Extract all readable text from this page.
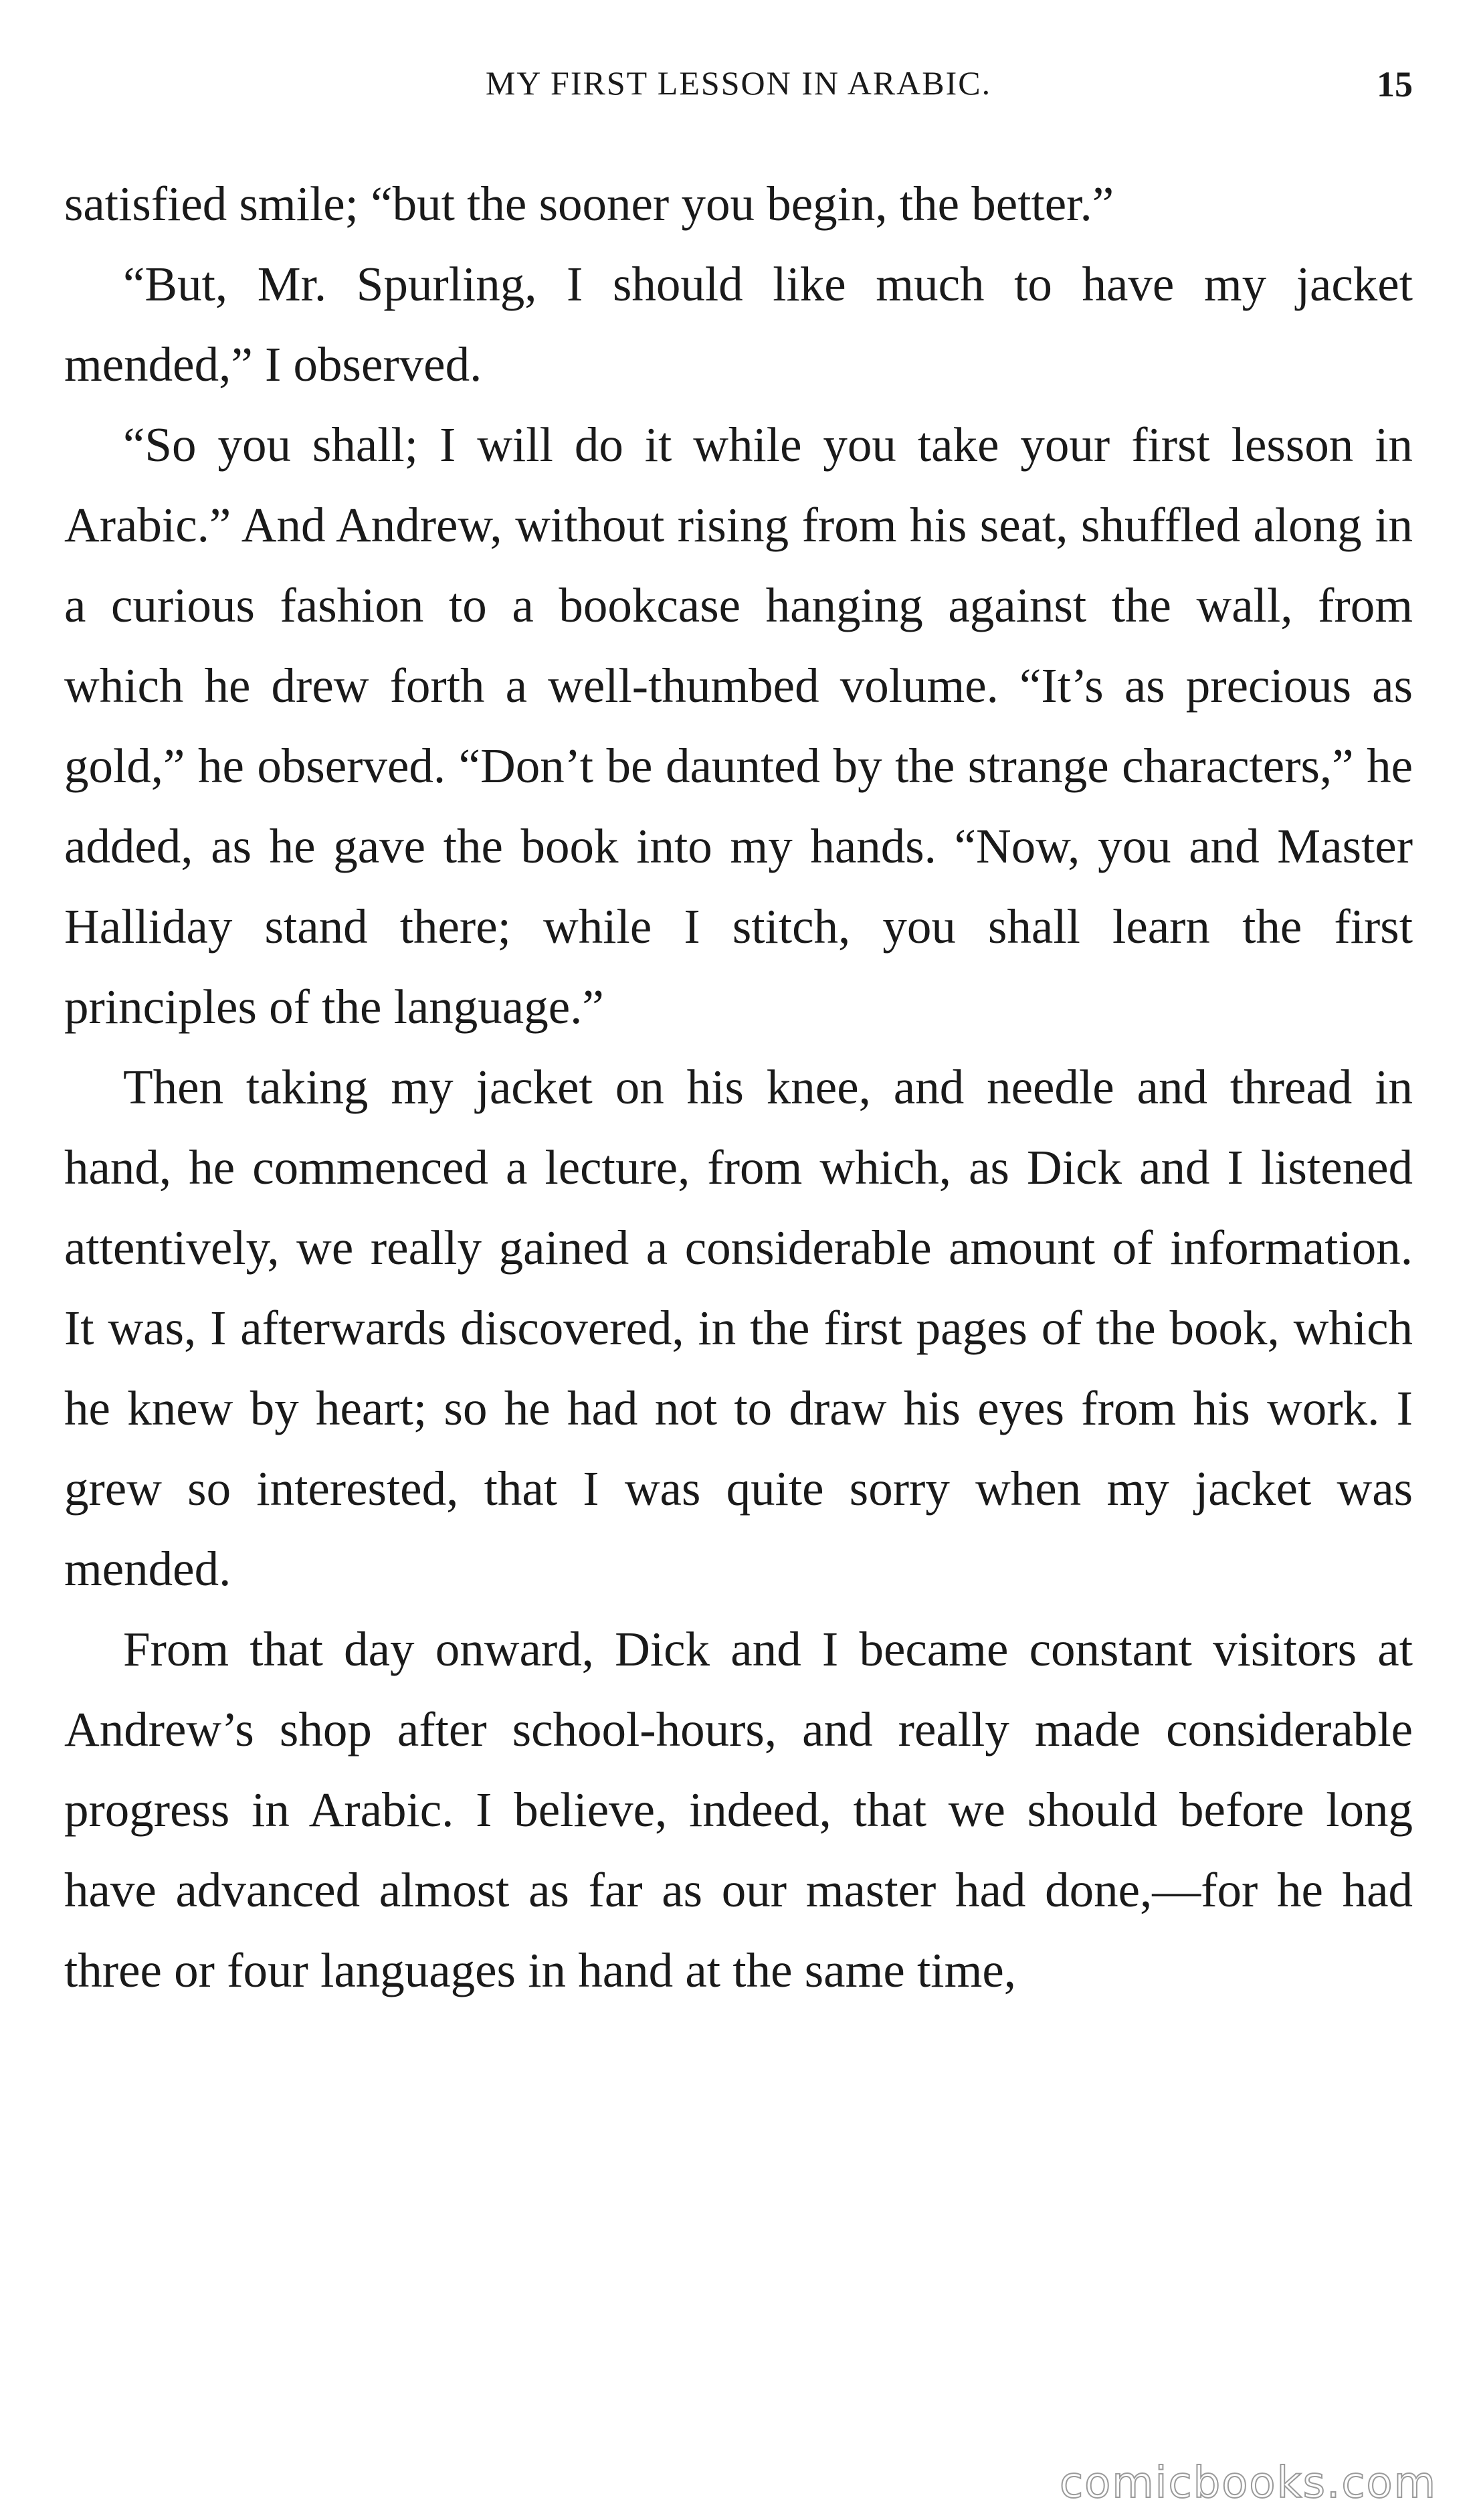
MY FIRST LESSON IN ARABIC.	15

satisfied smile; “but the sooner you begin, the better.”

“But, Mr. Spurling, I should like much to have my jacket mended,” I observed.

“So you shall; I will do it while you take your first lesson in Arabic.” And Andrew, without rising from his seat, shuffled along in a curious fashion to a bookcase hanging against the wall, from which he drew forth a well-thumbed volume. “It’s as precious as gold,” he observed. “Don’t be daunted by the strange characters,” he added, as he gave the book into my hands. “Now, you and Master Halliday stand there; while I stitch, you shall learn the first principles of the language.”

Then taking my jacket on his knee, and needle and thread in hand, he commenced a lecture, from which, as Dick and I listened attentively, we really gained a considerable amount of information. It was, I afterwards discovered, in the first pages of the book, which he knew by heart; so he had not to draw his eyes from his work. I grew so interested, that I was quite sorry when my jacket was mended.

From that day onward, Dick and I became constant visitors at Andrew’s shop after school-hours, and really made considerable progress in Arabic. I believe, indeed, that we should before long have advanced almost as far as our master had done,—for he had three or four languages in hand at the same time,

comicbooks.com
